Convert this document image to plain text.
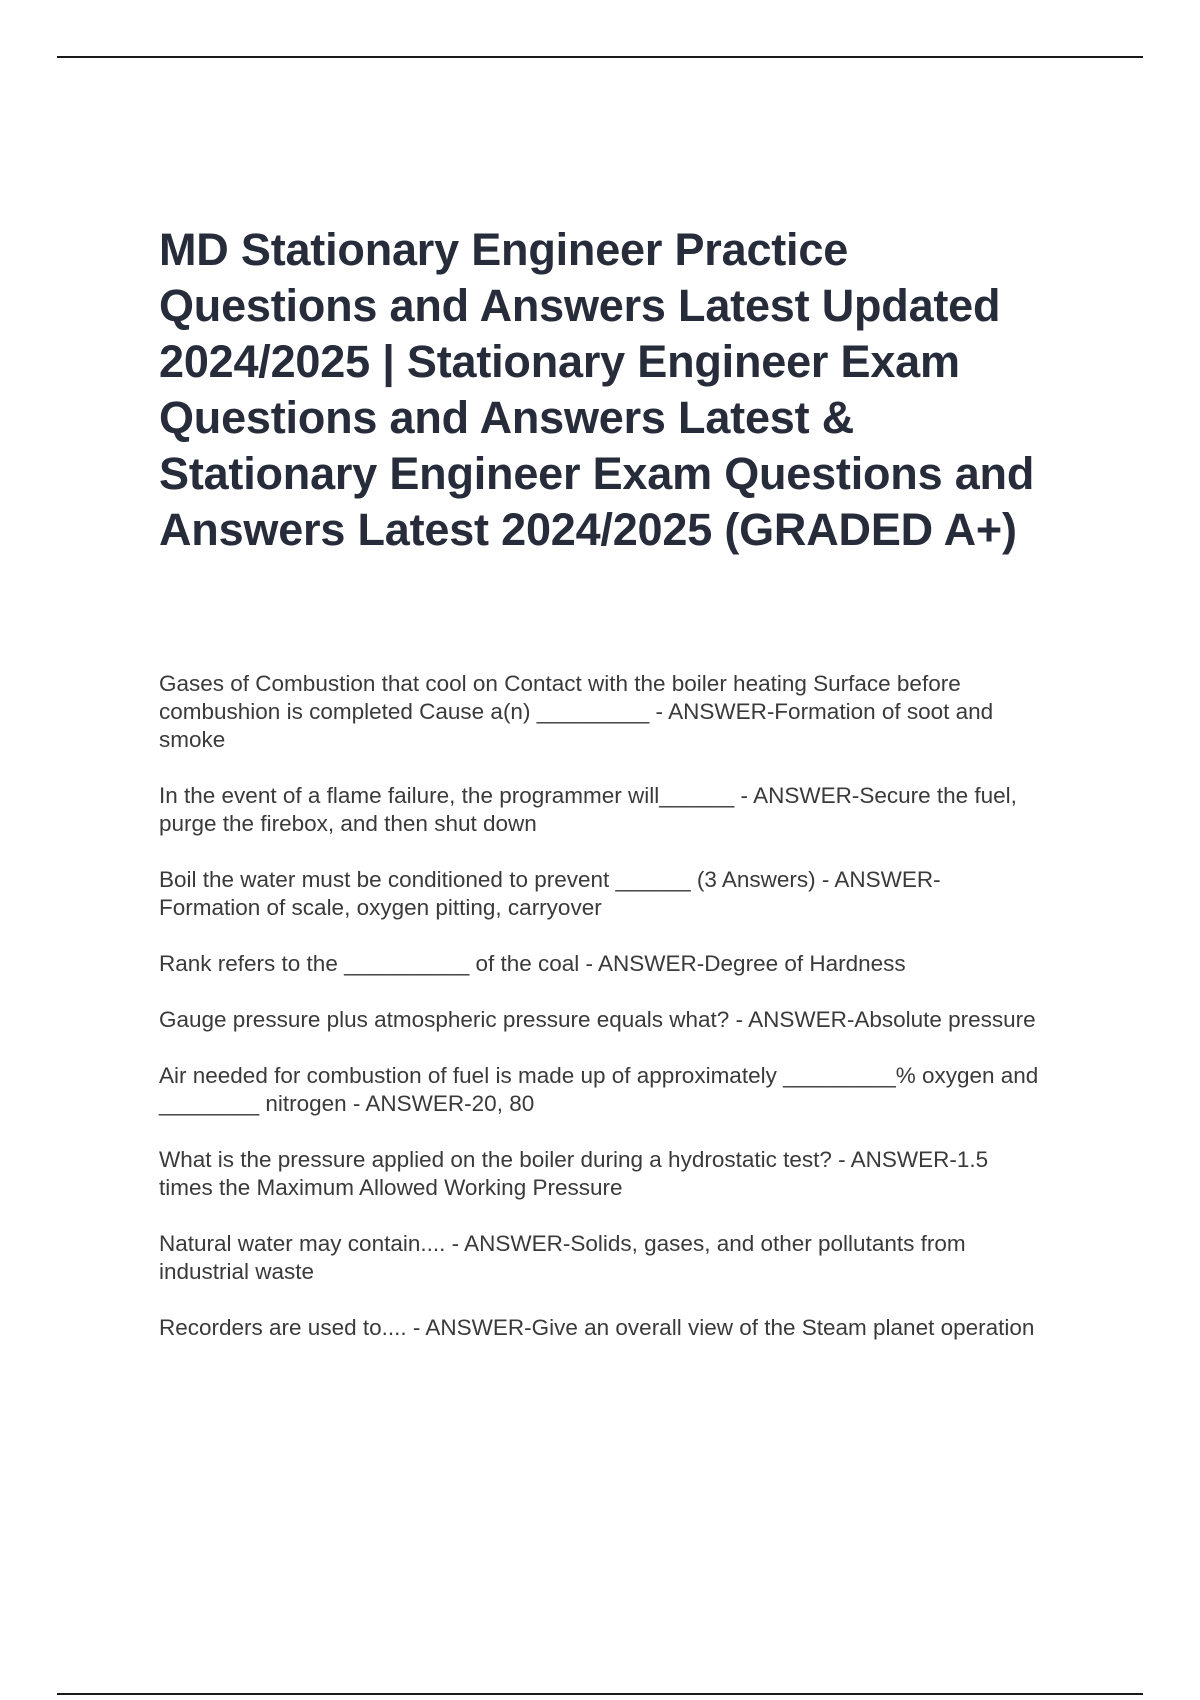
MD Stationary Engineer Practice Questions and Answers Latest Updated 2024/2025 | Stationary Engineer Exam Questions and Answers Latest & Stationary Engineer Exam Questions and Answers Latest 2024/2025 (GRADED A+)
Gases of Combustion that cool on Contact with the boiler heating Surface before combushion is completed Cause a(n) _________ - ANSWER-Formation of soot and smoke
In the event of a flame failure, the programmer will______ - ANSWER-Secure the fuel, purge the firebox, and then shut down
Boil the water must be conditioned to prevent ______ (3 Answers) - ANSWER-Formation of scale, oxygen pitting, carryover
Rank refers to the __________ of the coal - ANSWER-Degree of Hardness
Gauge pressure plus atmospheric pressure equals what? - ANSWER-Absolute pressure
Air needed for combustion of fuel is made up of approximately _________% oxygen and ________ nitrogen - ANSWER-20, 80
What is the pressure applied on the boiler during a hydrostatic test? - ANSWER-1.5 times the Maximum Allowed Working Pressure
Natural water may contain.... - ANSWER-Solids, gases, and other pollutants from industrial waste
Recorders are used to.... - ANSWER-Give an overall view of the Steam planet operation
